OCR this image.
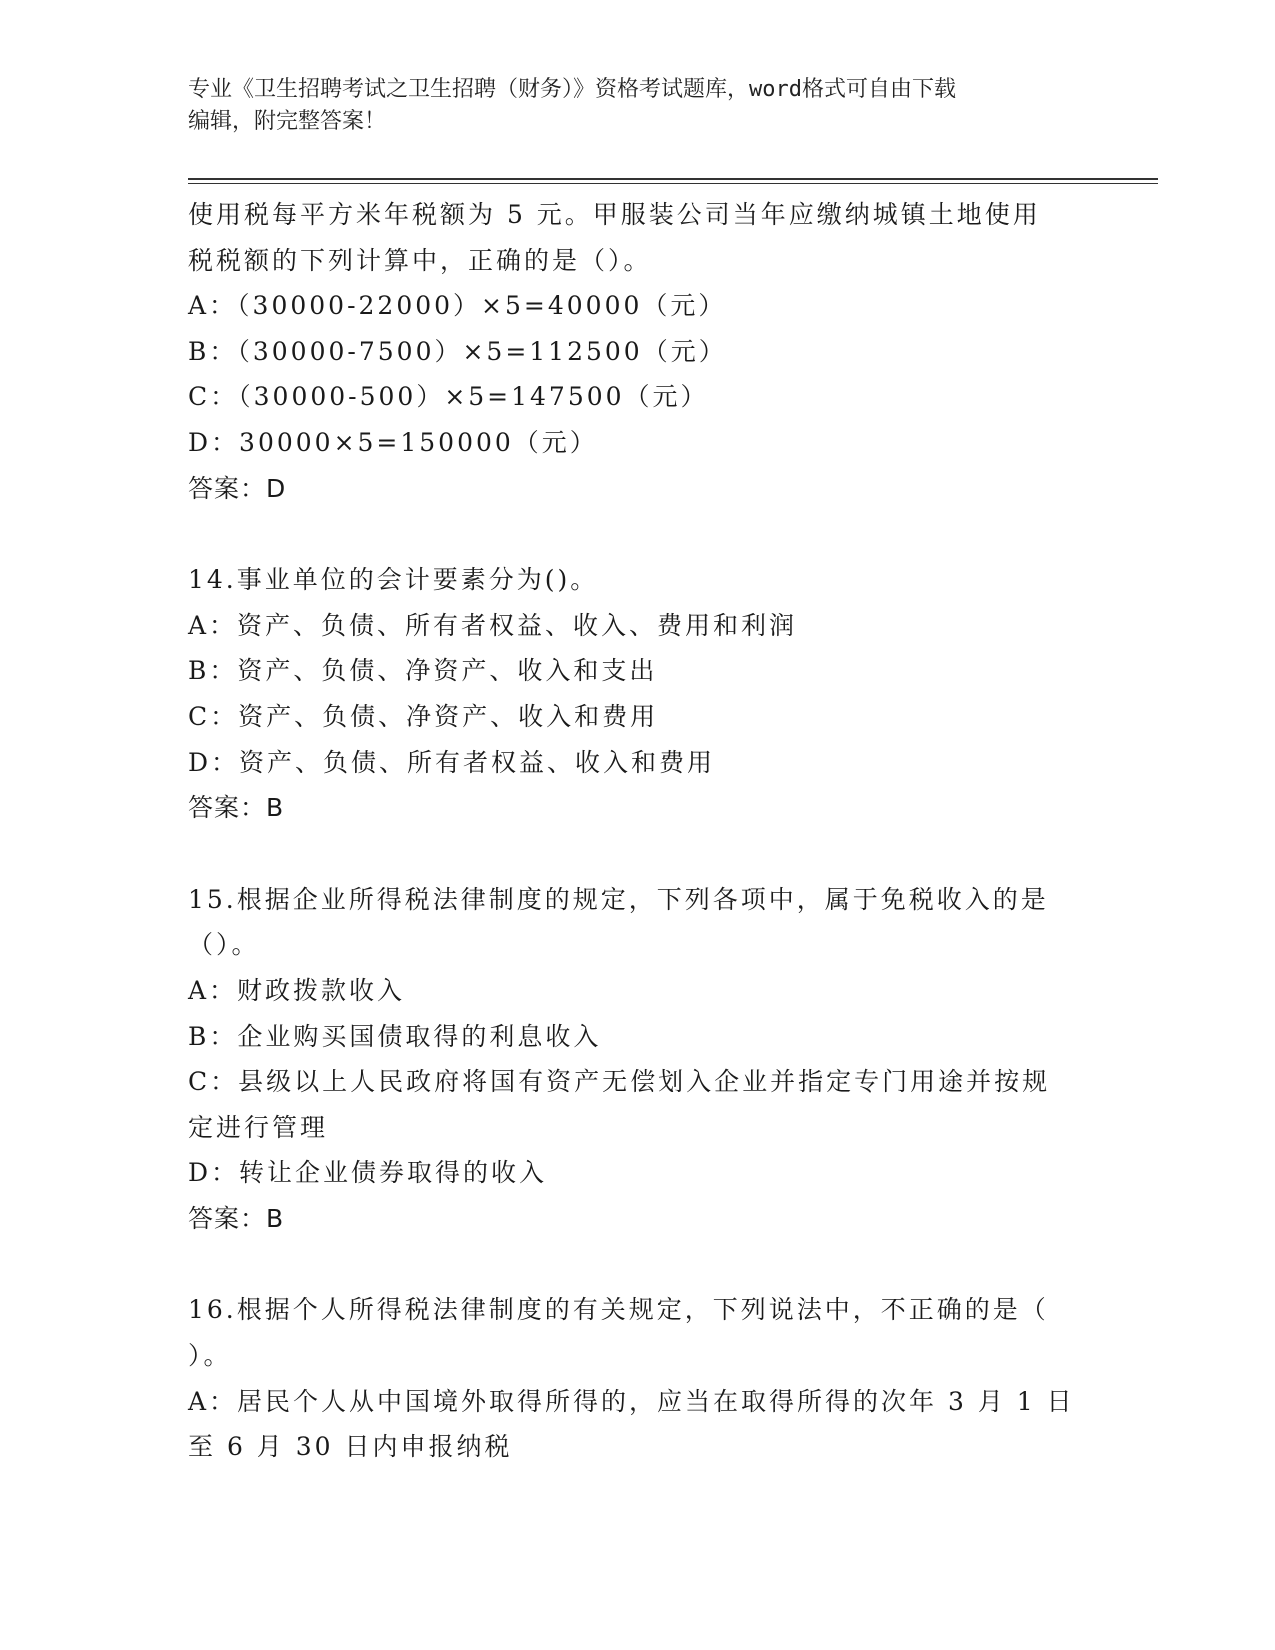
专业《卫生招聘考试之卫生招聘（财务）》资格考试题库，word格式可自由下载
编辑，附完整答案！
使用税每平方米年税额为 5 元。甲服装公司当年应缴纳城镇土地使用
税税额的下列计算中，正确的是（）。
A：（30000-22000）×5=40000（元）
B：（30000-7500）×5=112500（元）
C：（30000-500）×5=147500（元）
D：30000×5=150000（元）
答案：D
14.事业单位的会计要素分为()。
A：资产、负债、所有者权益、收入、费用和利润
B：资产、负债、净资产、收入和支出
C：资产、负债、净资产、收入和费用
D：资产、负债、所有者权益、收入和费用
答案：B
15.根据企业所得税法律制度的规定，下列各项中，属于免税收入的是
（）。
A：财政拨款收入
B：企业购买国债取得的利息收入
C：县级以上人民政府将国有资产无偿划入企业并指定专门用途并按规
定进行管理
D：转让企业债券取得的收入
答案：B
16.根据个人所得税法律制度的有关规定，下列说法中，不正确的是（
）。
A：居民个人从中国境外取得所得的，应当在取得所得的次年 3 月 1 日
至 6 月 30 日内申报纳税
